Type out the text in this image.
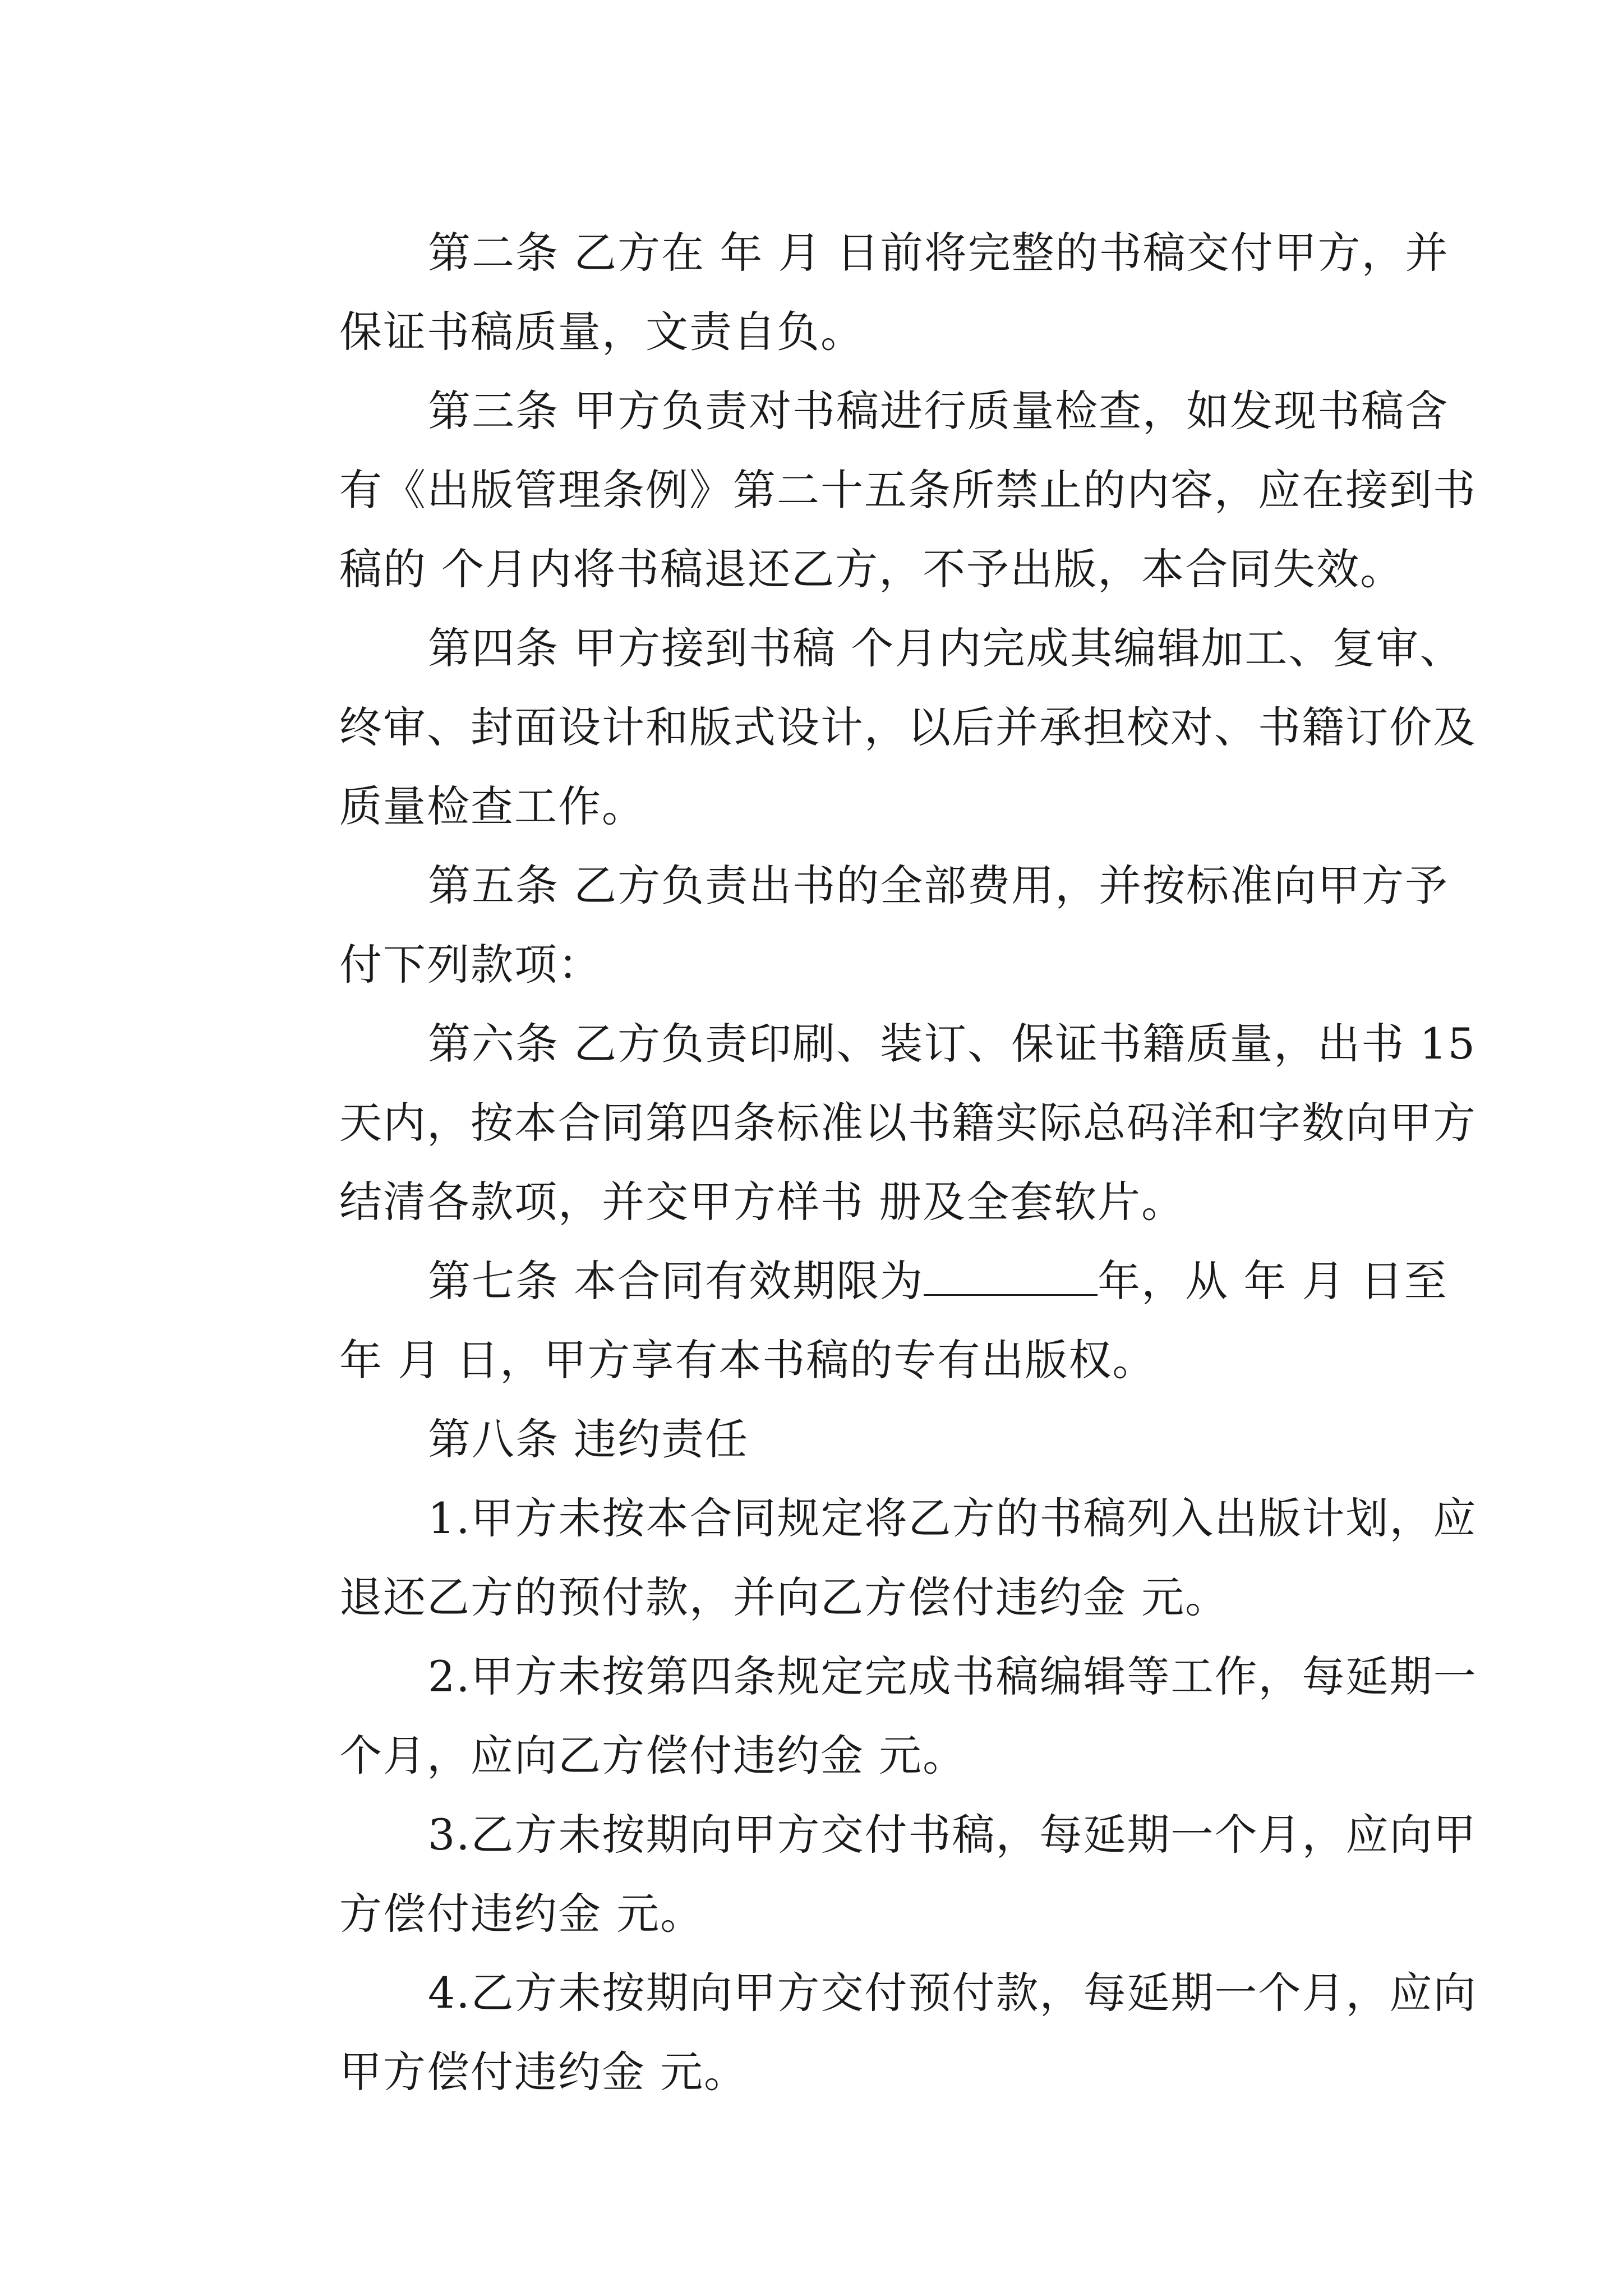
第二条 乙方在 年 月 日前将完整的书稿交付甲方，并
保证书稿质量，文责自负。

第三条 甲方负责对书稿进行质量检查，如发现书稿含
有《出版管理条例》第二十五条所禁止的内容，应在接到书
稿的 个月内将书稿退还乙方，不予出版，本合同失效。

第四条 甲方接到书稿 个月内完成其编辑加工、复审、
终审、封面设计和版式设计，以后并承担校对、书籍订价及
质量检查工作。

第五条 乙方负责出书的全部费用，并按标准向甲方予
付下列款项：

第六条 乙方负责印刷、装订、保证书籍质量，出书 15
天内，按本合同第四条标准以书籍实际总码洋和字数向甲方
结清各款项，并交甲方样书 册及全套软片。

第七条 本合同有效期限为	年，从 年 月 日至
年 月 日，甲方享有本书稿的专有出版权。

第八条 违约责任

1.甲方未按本合同规定将乙方的书稿列入出版计划，应
退还乙方的预付款，并向乙方偿付违约金 元。

2.甲方未按第四条规定完成书稿编辑等工作，每延期一
个月，应向乙方偿付违约金 元。

3.乙方未按期向甲方交付书稿，每延期一个月，应向甲
方偿付违约金 元。

4.乙方未按期向甲方交付预付款，每延期一个月，应向
甲方偿付违约金 元。
